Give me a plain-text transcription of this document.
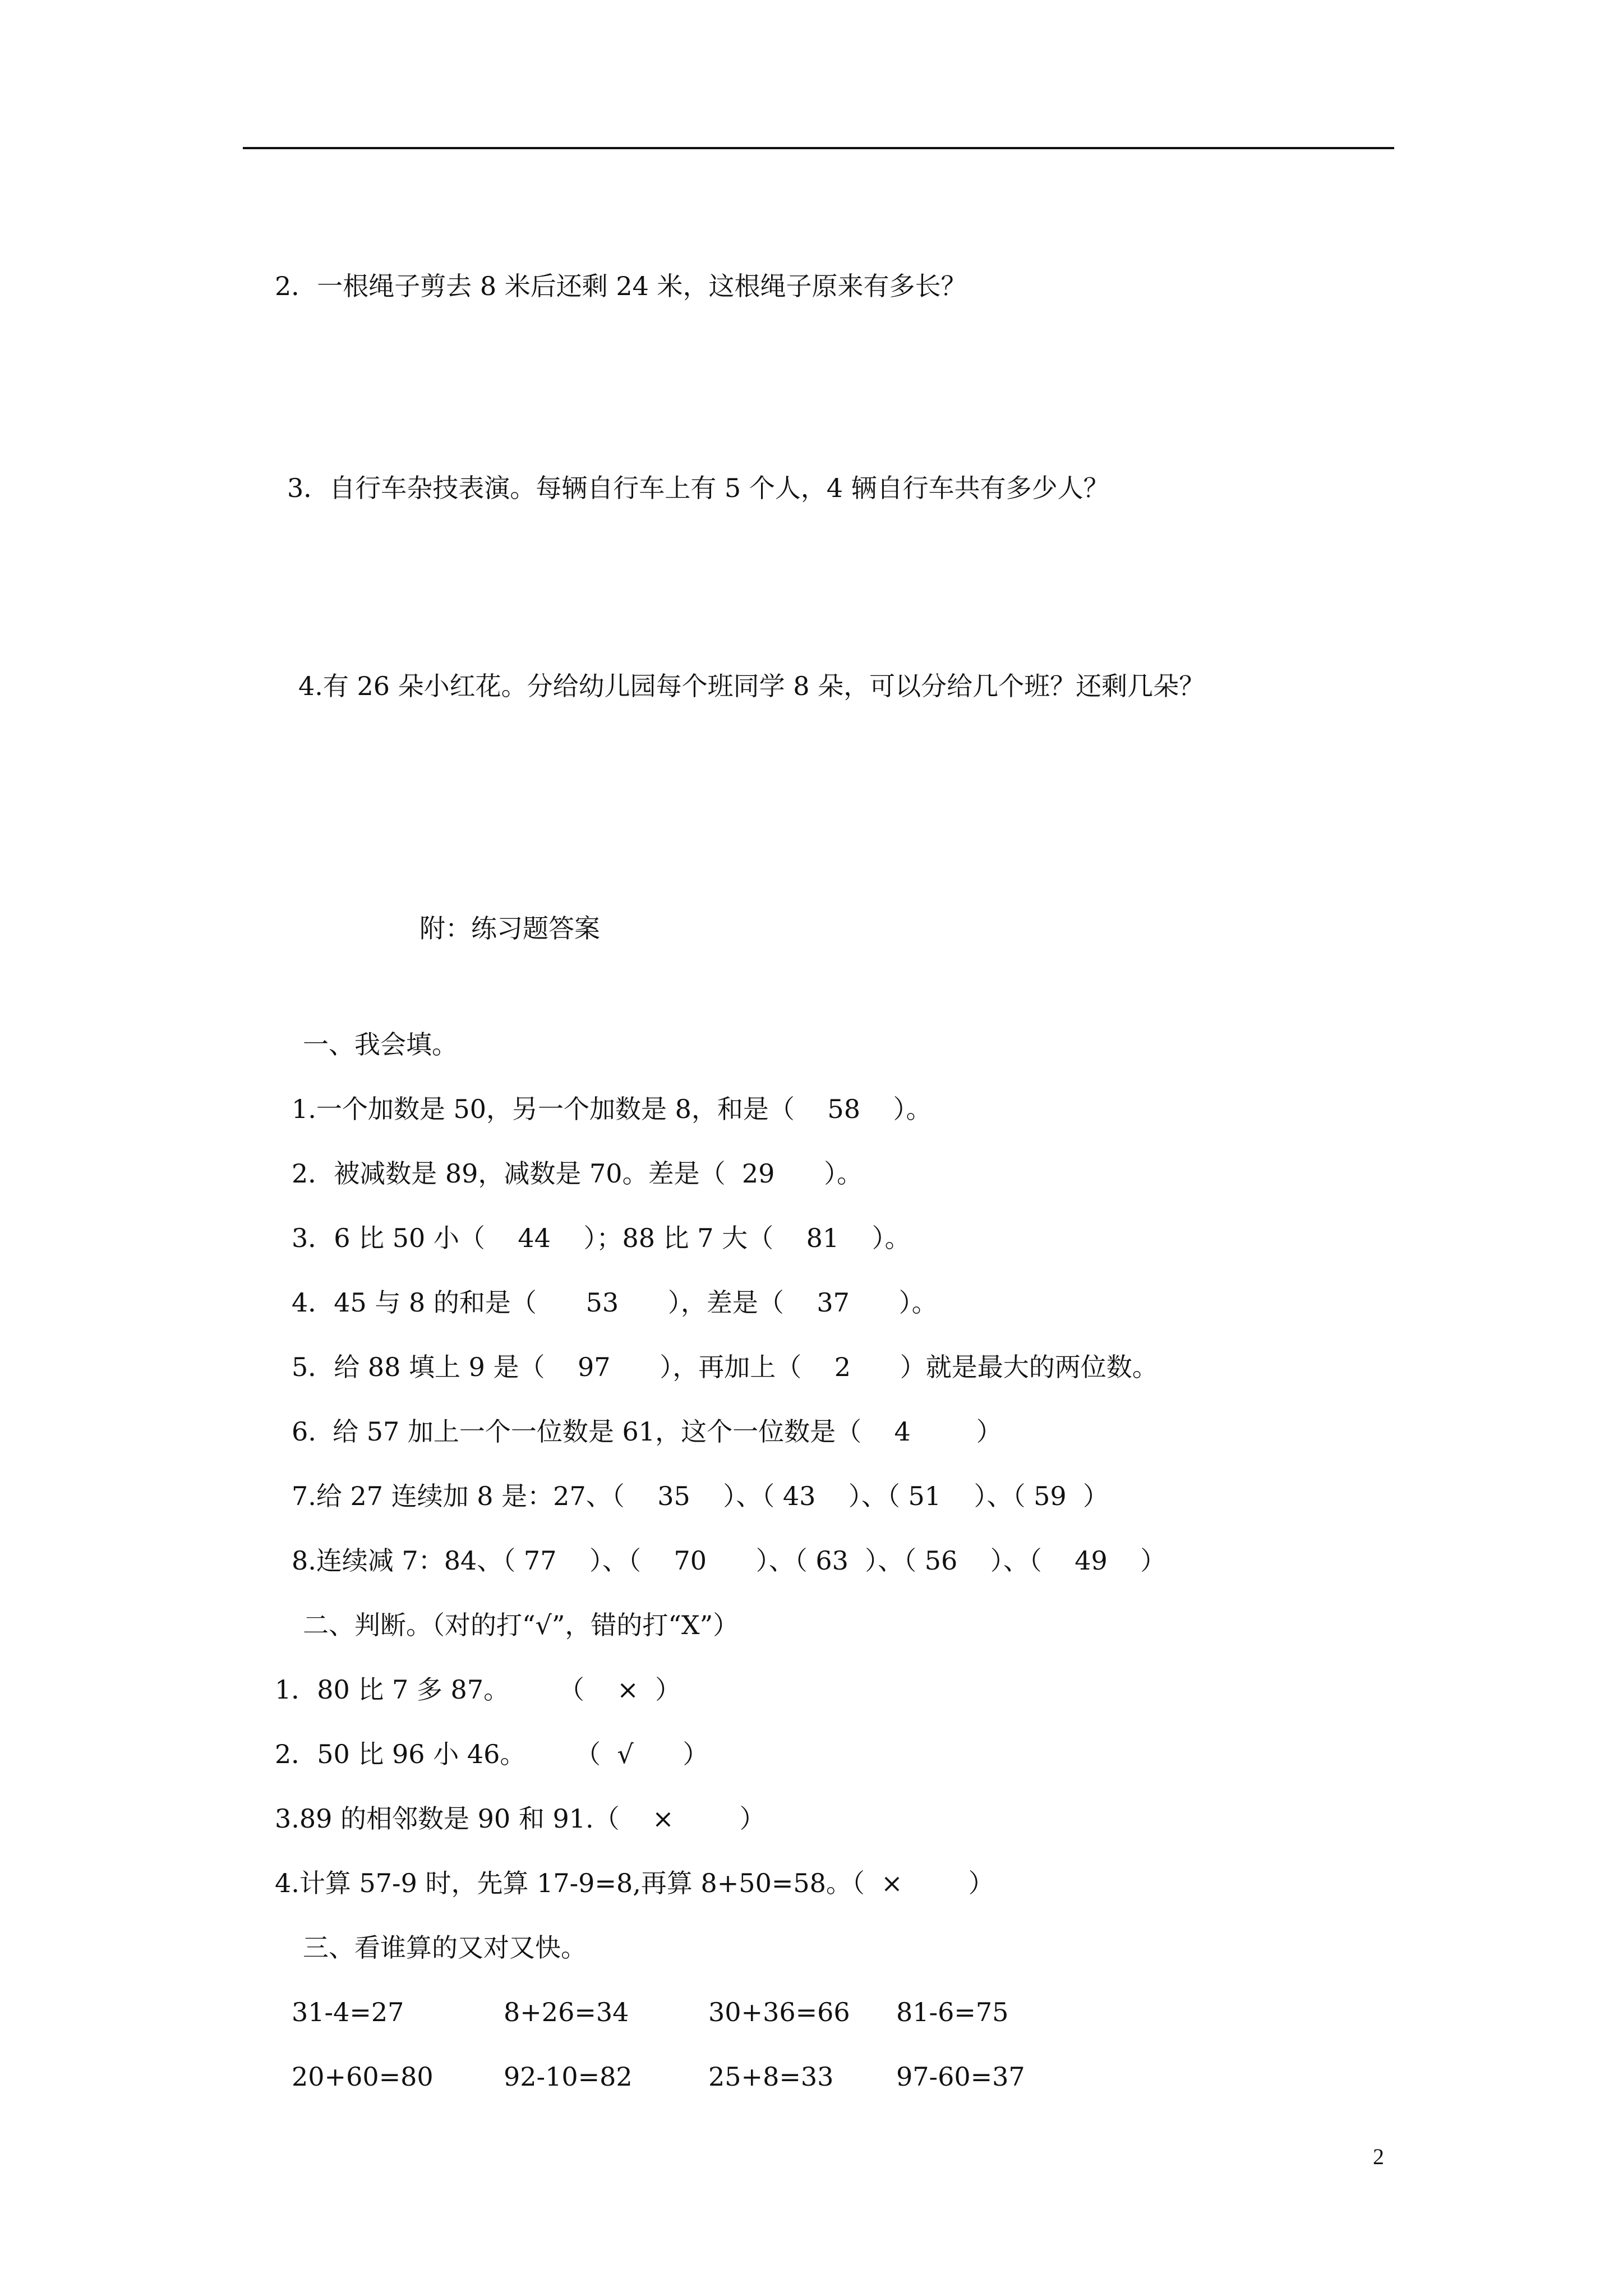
2．一根绳子剪去 8 米后还剩 24 米，这根绳子原来有多长？
3．自行车杂技表演。每辆自行车上有 5 个人，4 辆自行车共有多少人？
4.有 26 朵小红花。分给幼儿园每个班同学 8 朵，可以分给几个班？还剩几朵？
附：练习题答案
一、我会填。
1.一个加数是 50，另一个加数是 8，和是（    58    ）。
2．被减数是 89，减数是 70。差是（  29      ）。
3．6 比 50 小（    44    ）；88 比 7 大（    81    ）。
4．45 与 8 的和是（      53      ），差是（    37      ）。
5．给 88 填上 9 是（    97      ），再加上（    2      ）就是最大的两位数。
6.  给 57 加上一个一位数是 61，这个一位数是（    4        ）
7.给 27 连续加 8 是：27、（    35    ）、（ 43    ）、（ 51    ）、（ 59  ）
8.连续减 7：84、（ 77    ）、（    70      ）、（ 63  ）、（ 56    ）、（    49    ）
二、判断。（对的打“√”，错的打“X”）
1．80 比 7 多 87。      （    ×  ）
2．50 比 96 小 46。      （  √      ）
3.89 的相邻数是 90 和 91.（    ×        ）
4.计算 57-9 时，先算 17-9=8,再算 8+50=58。（  ×        ）
三、看谁算的又对又快。
31-4=27	8+26=34	30+36=66 81-6=75
20+60=80	92-10=82	25+8=33 97-60=37
2
